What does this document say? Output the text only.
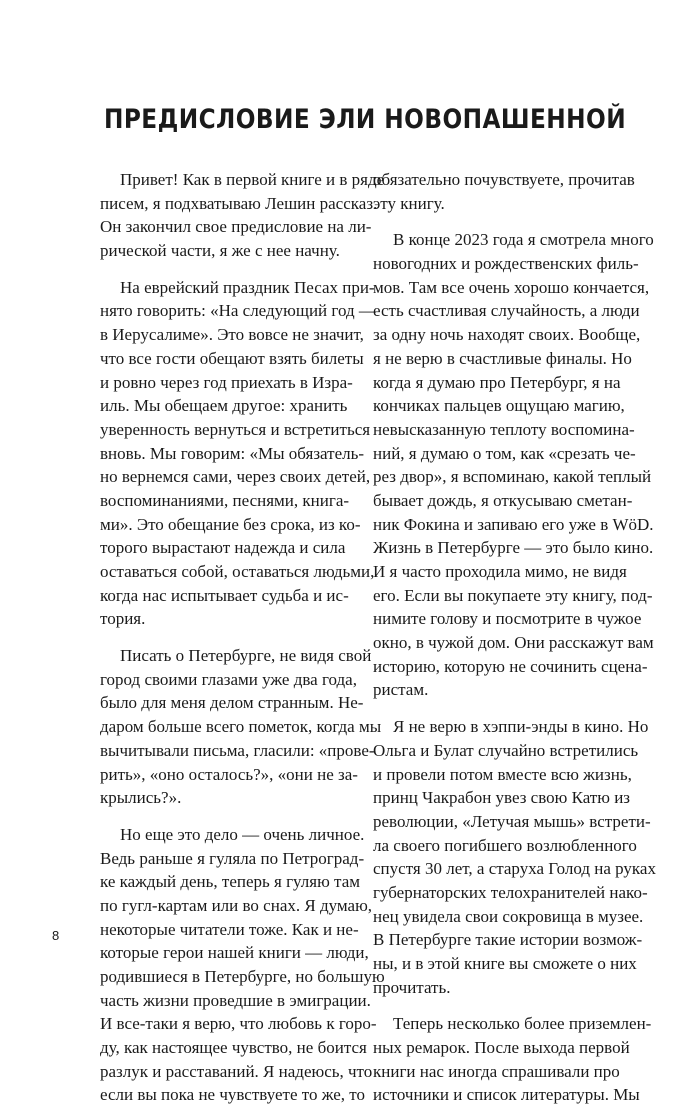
ПРЕДИСЛОВИЕ ЭЛИ НОВОПАШЕННОЙ
Привет! Как в первой книге и в ряде
писем, я подхватываю Лешин рассказ.
Он закончил свое предисловие на ли-
рической части, я же с нее начну.
На еврейский праздник Песах при-
нято говорить: «На следующий год —
в Иерусалиме». Это вовсе не значит,
что все гости обещают взять билеты
и ровно через год приехать в Изра-
иль. Мы обещаем другое: хранить
уверенность вернуться и встретиться
вновь. Мы говорим: «Мы обязатель-
но вернемся сами, через своих детей,
воспоминаниями, песнями, книга-
ми». Это обещание без срока, из ко-
торого вырастают надежда и сила
оставаться собой, оставаться людьми,
когда нас испытывает судьба и ис-
тория.
Писать о Петербурге, не видя свой
город своими глазами уже два года,
было для меня делом странным. Не-
даром больше всего пометок, когда мы
вычитывали письма, гласили: «прове-
рить», «оно осталось?», «они не за-
крылись?».
Но еще это дело — очень личное.
Ведь раньше я гуляла по Петроград-
ке каждый день, теперь я гуляю там
по гугл-картам или во снах. Я думаю,
некоторые читатели тоже. Как и не-
которые герои нашей книги — люди,
родившиеся в Петербурге, но большую
часть жизни проведшие в эмиграции.
И все-таки я верю, что любовь к горо-
ду, как настоящее чувство, не боится
разлук и расставаний. Я надеюсь, что
если вы пока не чувствуете то же, то
обязательно почувствуете, прочитав
эту книгу.
В конце 2023 года я смотрела много
новогодних и рождественских филь-
мов. Там все очень хорошо кончается,
есть счастливая случайность, а люди
за одну ночь находят своих. Вообще,
я не верю в счастливые финалы. Но
когда я думаю про Петербург, я на
кончиках пальцев ощущаю магию,
невысказанную теплоту воспомина-
ний, я думаю о том, как «срезать че-
рез двор», я вспоминаю, какой теплый
бывает дождь, я откусываю сметан-
ник Фокина и запиваю его уже в WöD.
Жизнь в Петербурге — это было кино.
И я часто проходила мимо, не видя
его. Если вы покупаете эту книгу, под-
нимите голову и посмотрите в чужое
окно, в чужой дом. Они расскажут вам
историю, которую не сочинить сцена-
ристам.
Я не верю в хэппи-энды в кино. Но
Ольга и Булат случайно встретились
и провели потом вместе всю жизнь,
принц Чакрабон увез свою Катю из
революции, «Летучая мышь» встрети-
ла своего погибшего возлюбленного
спустя 30 лет, а старуха Голод на руках
губернаторских телохранителей нако-
нец увидела свои сокровища в музее.
В Петербурге такие истории возмож-
ны, и в этой книге вы сможете о них
прочитать.
Теперь несколько более приземлен-
ных ремарок. После выхода первой
книги нас иногда спрашивали про
источники и список литературы. Мы
8
